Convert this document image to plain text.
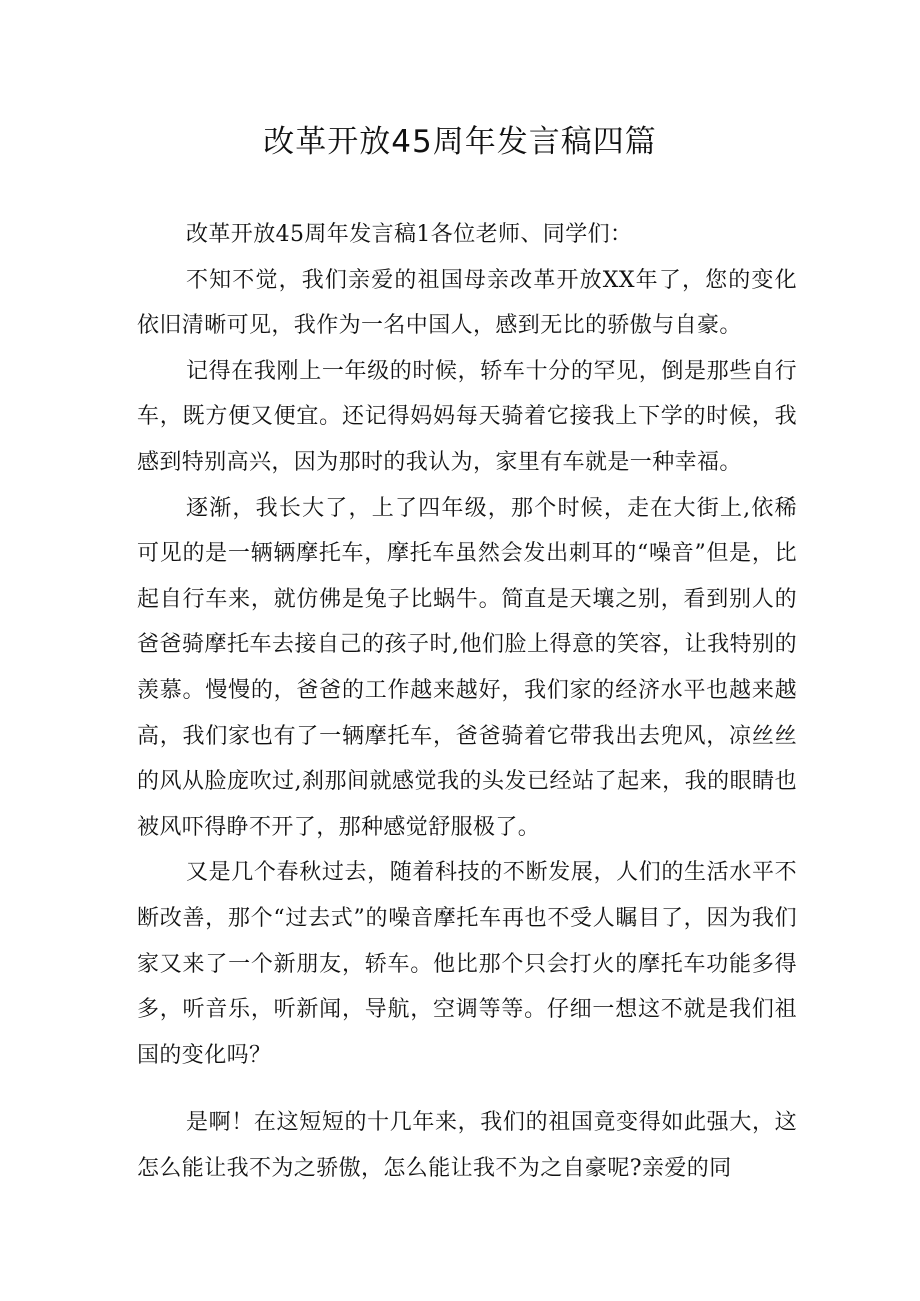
改革开放45周年发言稿四篇

改革开放45周年发言稿1各位老师、同学们：

不知不觉，我们亲爱的祖国母亲改革开放XX年了，您的变化依旧清晰可见，我作为一名中国人，感到无比的骄傲与自豪。

记得在我刚上一年级的时候，轿车十分的罕见，倒是那些自行车，既方便又便宜。还记得妈妈每天骑着它接我上下学的时候，我感到特别高兴，因为那时的我认为，家里有车就是一种幸福。

逐渐，我长大了，上了四年级，那个时候，走在大街上,依稀可见的是一辆辆摩托车，摩托车虽然会发出刺耳的“噪音”但是，比起自行车来，就仿佛是兔子比蜗牛。简直是天壤之别，看到别人的爸爸骑摩托车去接自己的孩子时,他们脸上得意的笑容，让我特别的羡慕。慢慢的，爸爸的工作越来越好，我们家的经济水平也越来越高，我们家也有了一辆摩托车，爸爸骑着它带我出去兜风，凉丝丝的风从脸庞吹过,刹那间就感觉我的头发已经站了起来，我的眼睛也被风吓得睁不开了，那种感觉舒服极了。

又是几个春秋过去，随着科技的不断发展，人们的生活水平不断改善，那个“过去式”的噪音摩托车再也不受人瞩目了，因为我们家又来了一个新朋友，轿车。他比那个只会打火的摩托车功能多得多，听音乐，听新闻，导航，空调等等。仔细一想这不就是我们祖国的变化吗？

是啊！在这短短的十几年来，我们的祖国竟变得如此强大，这怎么能让我不为之骄傲，怎么能让我不为之自豪呢?亲爱的同
